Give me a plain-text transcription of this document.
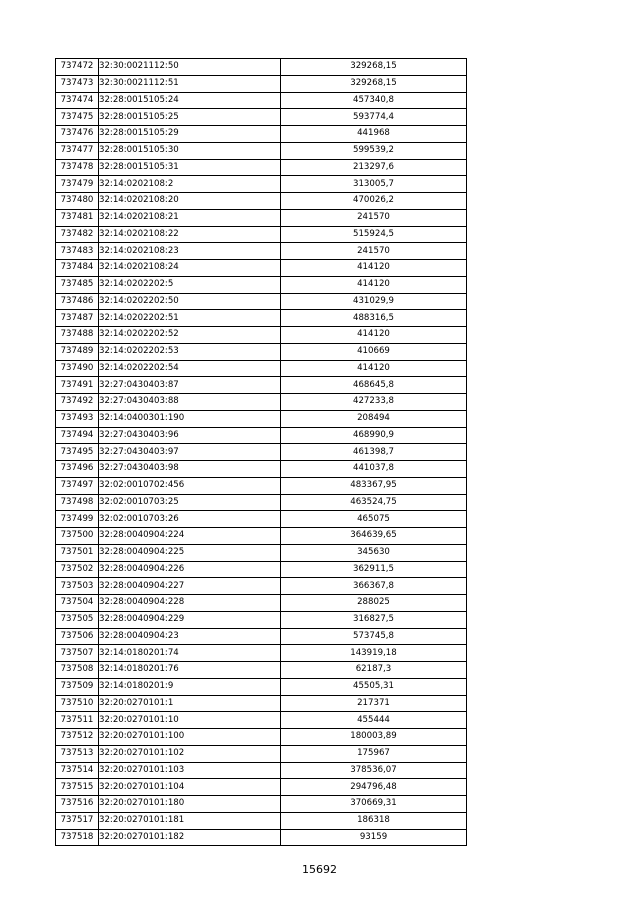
737472	32:30:0021112:50	329268,15
737473	32:30:0021112:51	329268,15
737474	32:28:0015105:24	457340,8
737475	32:28:0015105:25	593774,4
737476	32:28:0015105:29	441968
737477	32:28:0015105:30	599539,2
737478	32:28:0015105:31	213297,6
737479	32:14:0202108:2	313005,7
737480	32:14:0202108:20	470026,2
737481	32:14:0202108:21	241570
737482	32:14:0202108:22	515924,5
737483	32:14:0202108:23	241570
737484	32:14:0202108:24	414120
737485	32:14:0202202:5	414120
737486	32:14:0202202:50	431029,9
737487	32:14:0202202:51	488316,5
737488	32:14:0202202:52	414120
737489	32:14:0202202:53	410669
737490	32:14:0202202:54	414120
737491	32:27:0430403:87	468645,8
737492	32:27:0430403:88	427233,8
737493	32:14:0400301:190	208494
737494	32:27:0430403:96	468990,9
737495	32:27:0430403:97	461398,7
737496	32:27:0430403:98	441037,8
737497	32:02:0010702:456	483367,95
737498	32:02:0010703:25	463524,75
737499	32:02:0010703:26	465075
737500	32:28:0040904:224	364639,65
737501	32:28:0040904:225	345630
737502	32:28:0040904:226	362911,5
737503	32:28:0040904:227	366367,8
737504	32:28:0040904:228	288025
737505	32:28:0040904:229	316827,5
737506	32:28:0040904:23	573745,8
737507	32:14:0180201:74	143919,18
737508	32:14:0180201:76	62187,3
737509	32:14:0180201:9	45505,31
737510	32:20:0270101:1	217371
737511	32:20:0270101:10	455444
737512	32:20:0270101:100	180003,89
737513	32:20:0270101:102	175967
737514	32:20:0270101:103	378536,07
737515	32:20:0270101:104	294796,48
737516	32:20:0270101:180	370669,31
737517	32:20:0270101:181	186318
737518	32:20:0270101:182	93159
15692
